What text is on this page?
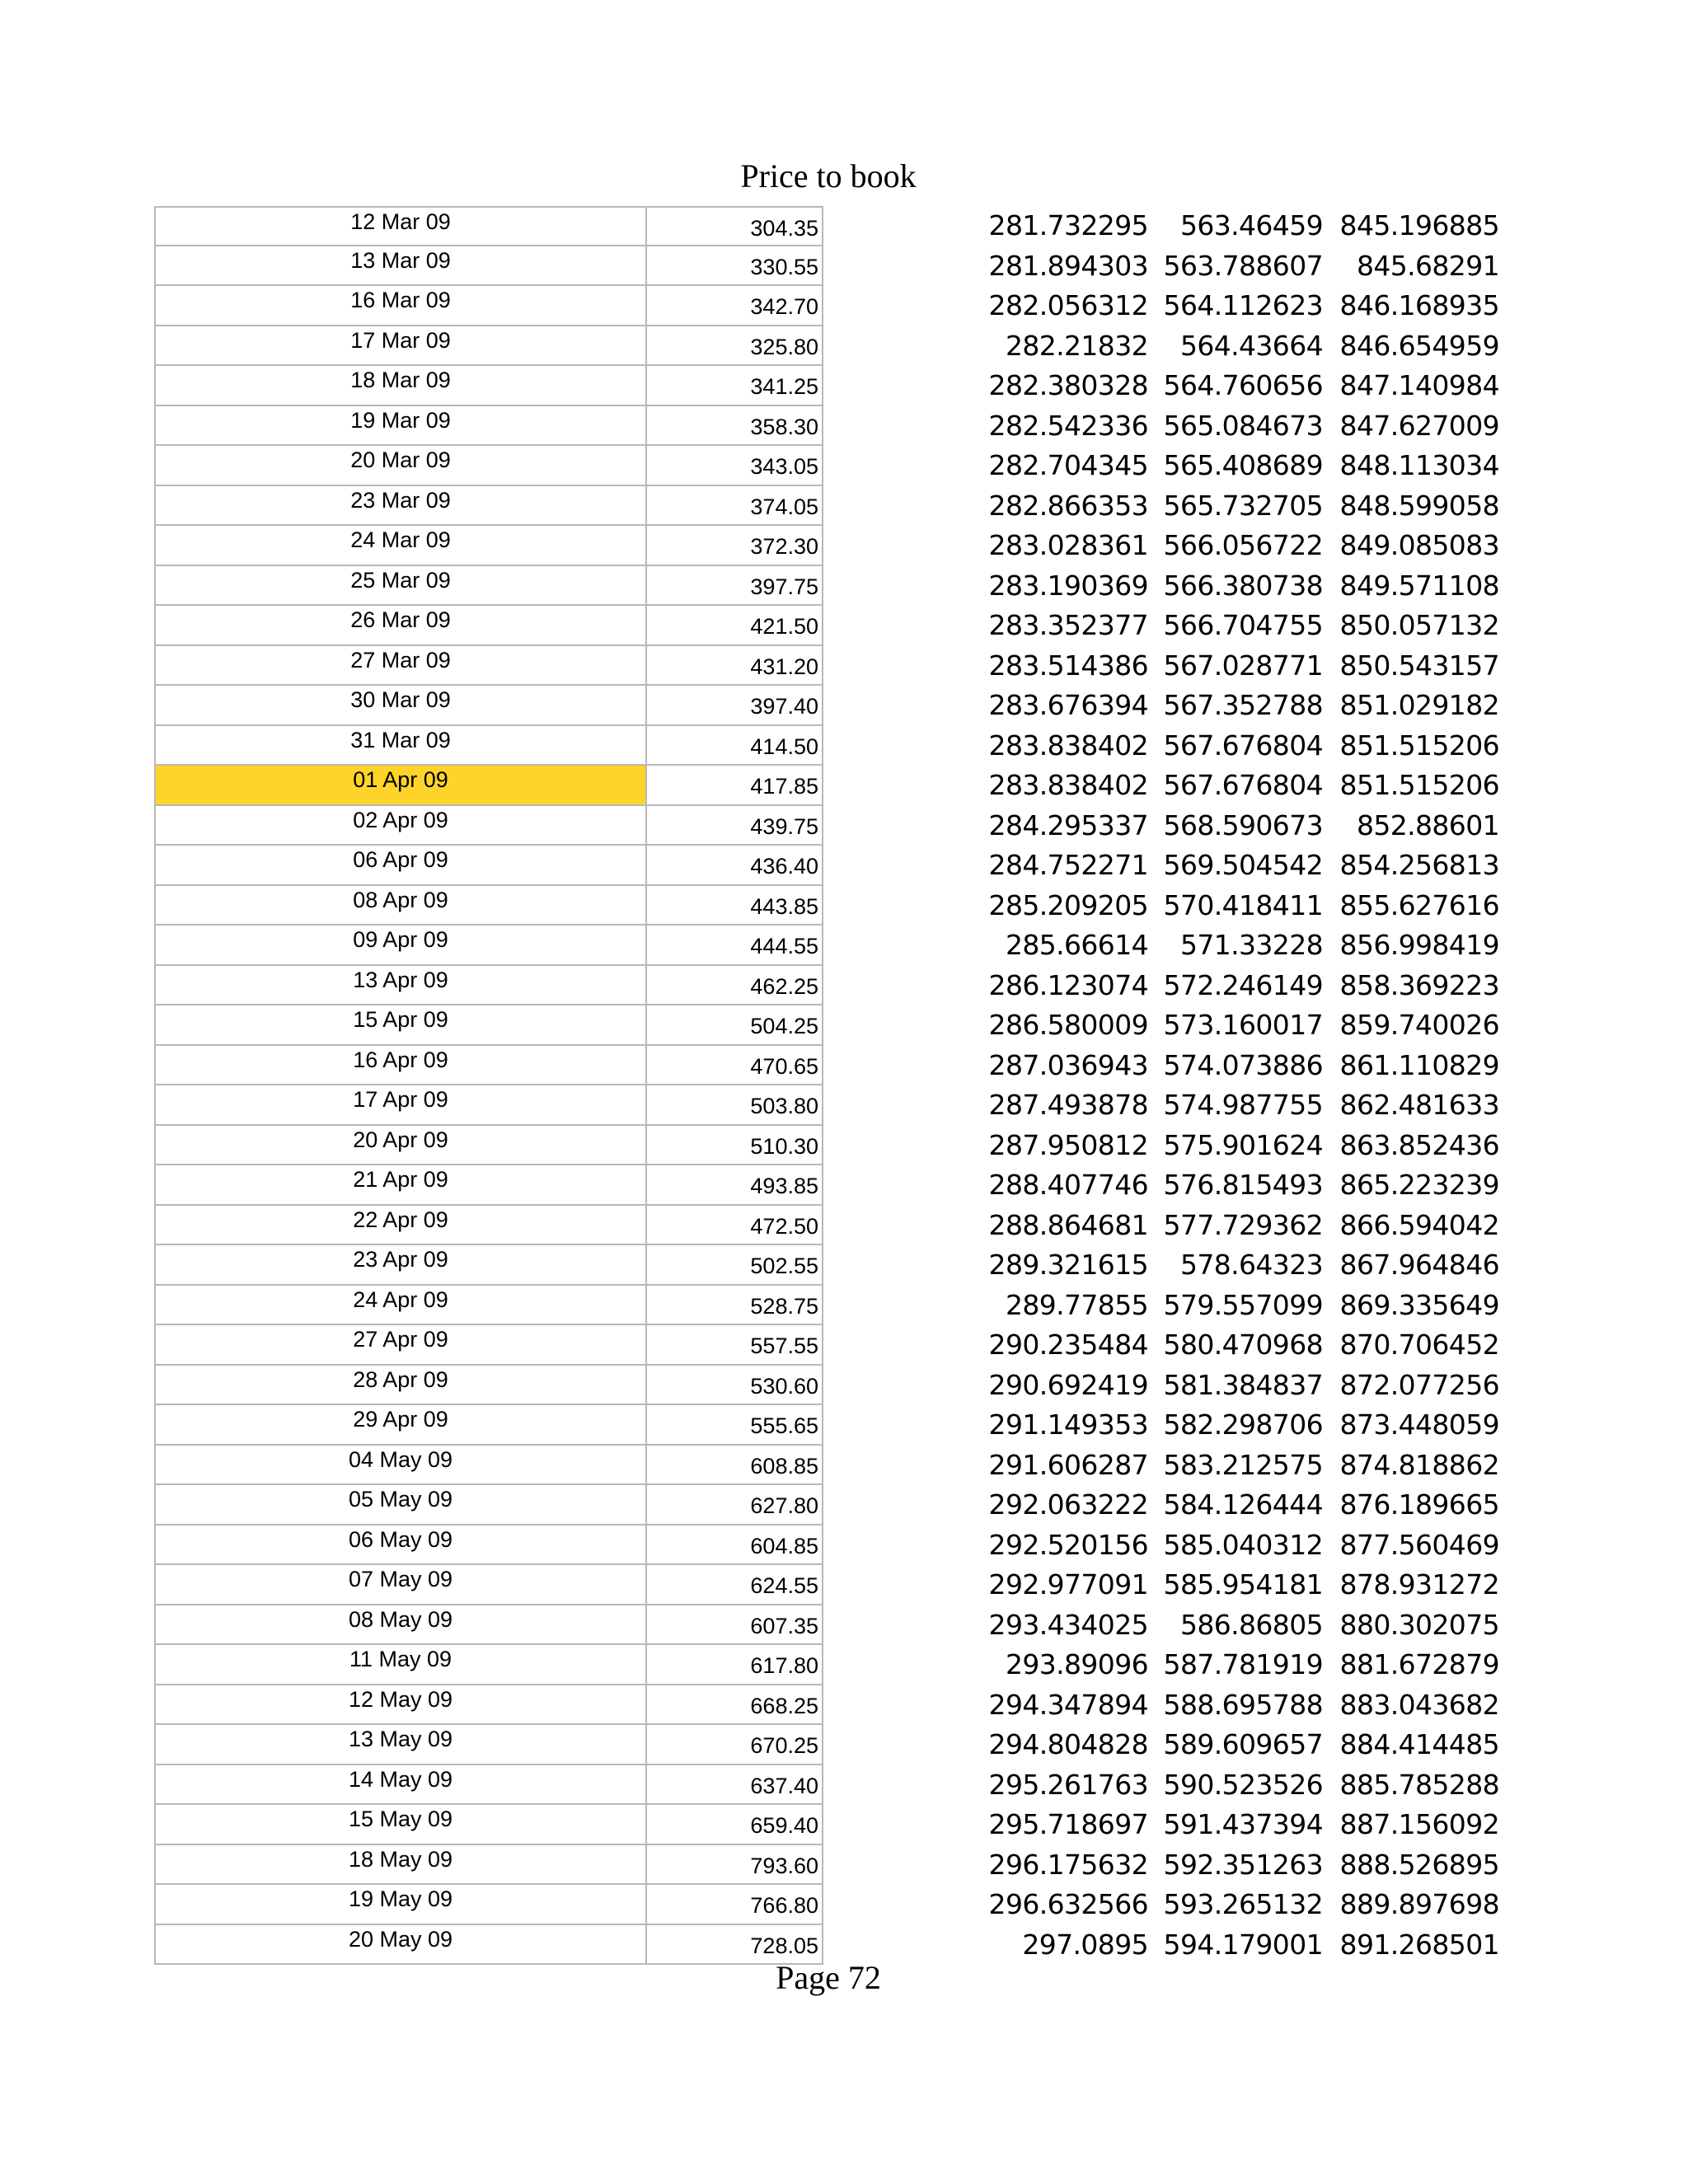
Price to book
12 Mar 09	304.35	281.732295	563.46459 845.196885
13 Mar 09	330.55	281.894303 563.788607	845.68291
16 Mar 09	342.70	282.056312 564.112623 846.168935
17 Mar 09	325.80	282.21832	564.43664 846.654959
18 Mar 09	341.25	282.380328 564.760656 847.140984
19 Mar 09	358.30	282.542336 565.084673 847.627009
20 Mar 09	343.05	282.704345 565.408689 848.113034
23 Mar 09	374.05	282.866353 565.732705 848.599058
24 Mar 09	372.30	283.028361 566.056722 849.085083
25 Mar 09	397.75	283.190369 566.380738 849.571108
26 Mar 09	421.50	283.352377 566.704755 850.057132
27 Mar 09	431.20	283.514386 567.028771 850.543157
30 Mar 09	397.40	283.676394 567.352788 851.029182
31 Mar 09	414.50	283.838402 567.676804 851.515206
01 Apr 09	417.85	283.838402 567.676804 851.515206
02 Apr 09	439.75	284.295337 568.590673	852.88601
06 Apr 09	436.40	284.752271 569.504542 854.256813
08 Apr 09	443.85	285.209205 570.418411 855.627616
09 Apr 09	444.55	285.66614	571.33228 856.998419
13 Apr 09	462.25	286.123074 572.246149 858.369223
15 Apr 09	504.25	286.580009 573.160017 859.740026
16 Apr 09	470.65	287.036943 574.073886 861.110829
17 Apr 09	503.80	287.493878 574.987755 862.481633
20 Apr 09	510.30	287.950812 575.901624 863.852436
21 Apr 09	493.85	288.407746 576.815493 865.223239
22 Apr 09	472.50	288.864681 577.729362 866.594042
23 Apr 09	502.55	289.321615	578.64323 867.964846
24 Apr 09	528.75	289.77855 579.557099 869.335649
27 Apr 09	557.55	290.235484 580.470968 870.706452
28 Apr 09	530.60	290.692419 581.384837 872.077256
29 Apr 09	555.65	291.149353 582.298706 873.448059
04 May 09	608.85	291.606287 583.212575 874.818862
05 May 09	627.80	292.063222 584.126444 876.189665
06 May 09	604.85	292.520156 585.040312 877.560469
07 May 09	624.55	292.977091 585.954181 878.931272
08 May 09	607.35	293.434025	586.86805 880.302075
11 May 09	617.80	293.89096 587.781919 881.672879
12 May 09	668.25	294.347894 588.695788 883.043682
13 May 09	670.25	294.804828 589.609657 884.414485
14 May 09	637.40	295.261763 590.523526 885.785288
15 May 09	659.40	295.718697 591.437394 887.156092
18 May 09	793.60	296.175632 592.351263 888.526895
19 May 09	766.80	296.632566 593.265132 889.897698
20 May 09	728.05	297.0895 594.179001 891.268501
Page 72
